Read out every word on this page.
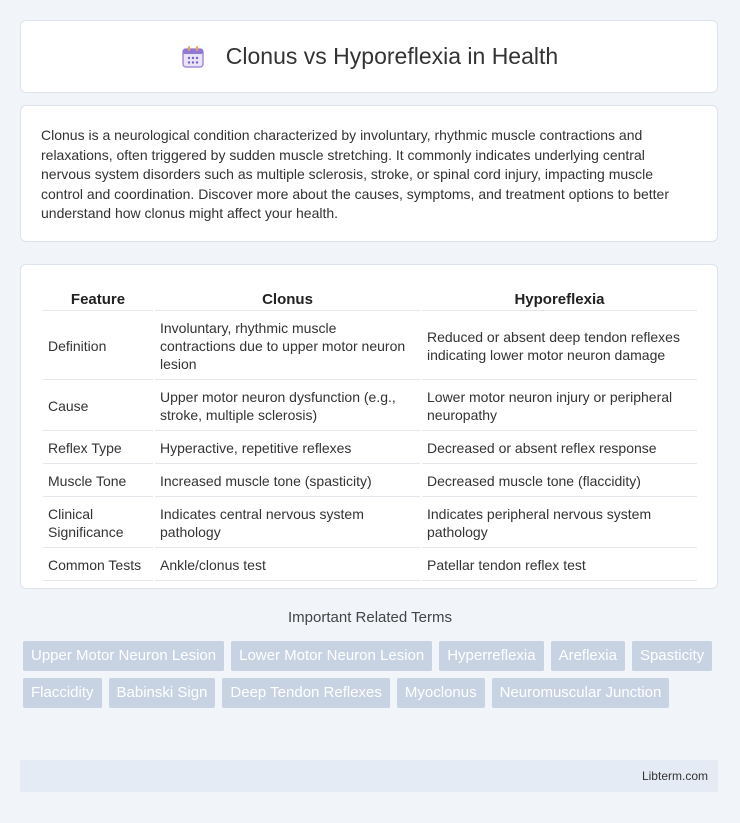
Clonus vs Hyporeflexia in Health

Clonus is a neurological condition characterized by involuntary, rhythmic muscle contractions and relaxations, often triggered by sudden muscle stretching. It commonly indicates underlying central nervous system disorders such as multiple sclerosis, stroke, or spinal cord injury, impacting muscle control and coordination. Discover more about the causes, symptoms, and treatment options to better understand how clonus might affect your health.

Feature	Clonus	Hyporeflexia
Definition	Involuntary, rhythmic muscle contractions due to upper motor neuron lesion	Reduced or absent deep tendon reflexes indicating lower motor neuron damage
Cause	Upper motor neuron dysfunction (e.g., stroke, multiple sclerosis)	Lower motor neuron injury or peripheral neuropathy
Reflex Type	Hyperactive, repetitive reflexes	Decreased or absent reflex response
Muscle Tone	Increased muscle tone (spasticity)	Decreased muscle tone (flaccidity)
Clinical Significance	Indicates central nervous system pathology	Indicates peripheral nervous system pathology
Common Tests	Ankle/clonus test	Patellar tendon reflex test
Important Related Terms
Upper Motor Neuron Lesion	Lower Motor Neuron Lesion	Hyperreflexia	Areflexia	Spasticity
Flaccidity	Babinski Sign	Deep Tendon Reflexes	Myoclonus	Neuromuscular Junction
Libterm.com
